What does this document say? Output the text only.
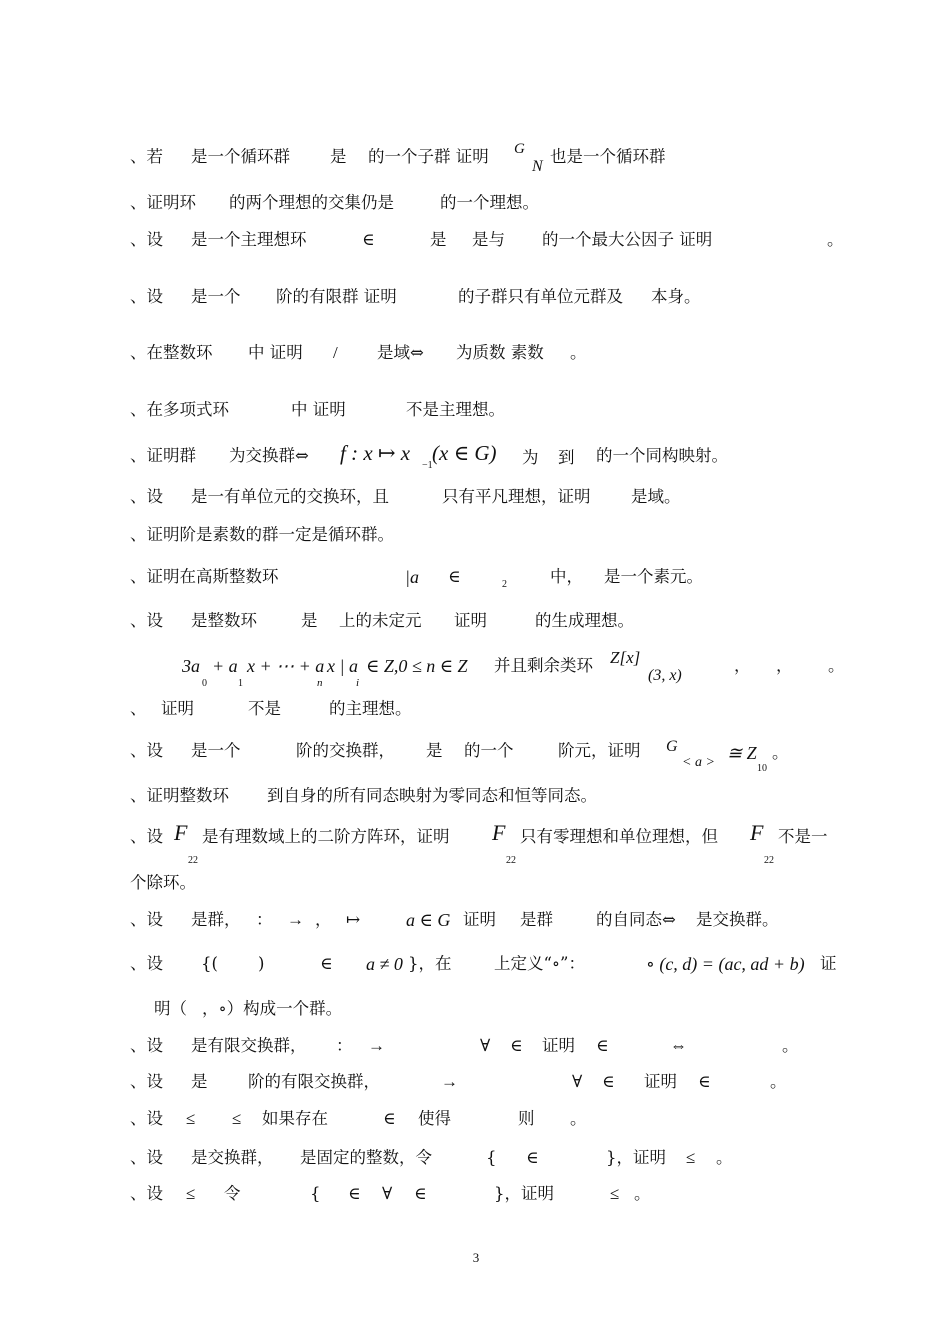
、若 是一个循环群 是 的一个子群 证明 G
N
也是一个循环群
、证明环 的两个理想的交集仍是	的一个理想。
、设 是一个主理想环	∈	是 是与 的一个最大公因子 证明	。
、设 是一个 阶的有限群 证明	的子群只有单位元群及 本身。
、在整数环 中 证明 / 是域⇔ 为质数 素数 。
、在多项式环	中 证明	不是主理想。
、证明群 为交换群⇔ f : x ↦ x
−1
(x ∈ G) 为 到 的一个同构映射。
、设 是一有单位元的交换环，且	只有平凡理想，证明 是域。
、证明阶是素数的群一定是循环群。
、证明在高斯整数环	|a ∈	2	中， 是一个素元。
、设 是整数环	是 上的未定元 证明	的生成理想。
3a
0
+ a
1
x + ⋯ + a
n
x | a
i
∈ Z,0 ≤ n ∈ Z 并且剩余类环 Z[x]
(3, x)
， ， 。
、 证明	不是	的主理想。
、设 是一个	阶的交换群， 是 的一个	阶元，证明 G
< a > ≅ Z
10
。
、证明整数环 到自身的所有同态映射为零同态和恒等同态。
、设 F
22
是有理数域上的二阶方阵环，证明 F
22
只有零理想和单位理想，但 F
22
不是一
个除环。
、设 是群， ： → ， ↦	a ∈ G 证明 是群	的自同态⇔ 是交换群。
、设 {( )	∈ a ≠ 0 }，在	上定义“∘”：	∘ (c, d) = (ac, ad + b) 证
明（ ，∘）构成一个群。
、设 是有限交换群， ： →	∀ ∈ 证明 ∈	⇔	。
、设 是 阶的有限交换群，	→	∀ ∈ 证明 ∈	。
、设 ≤ ≤ 如果存在	∈ 使得	则 。
、设 是交换群， 是固定的整数，令	{ ∈	}，证明 ≤ 。
、设 ≤ 令	{ ∈ ∀ ∈	}，证明	≤ 。
3
